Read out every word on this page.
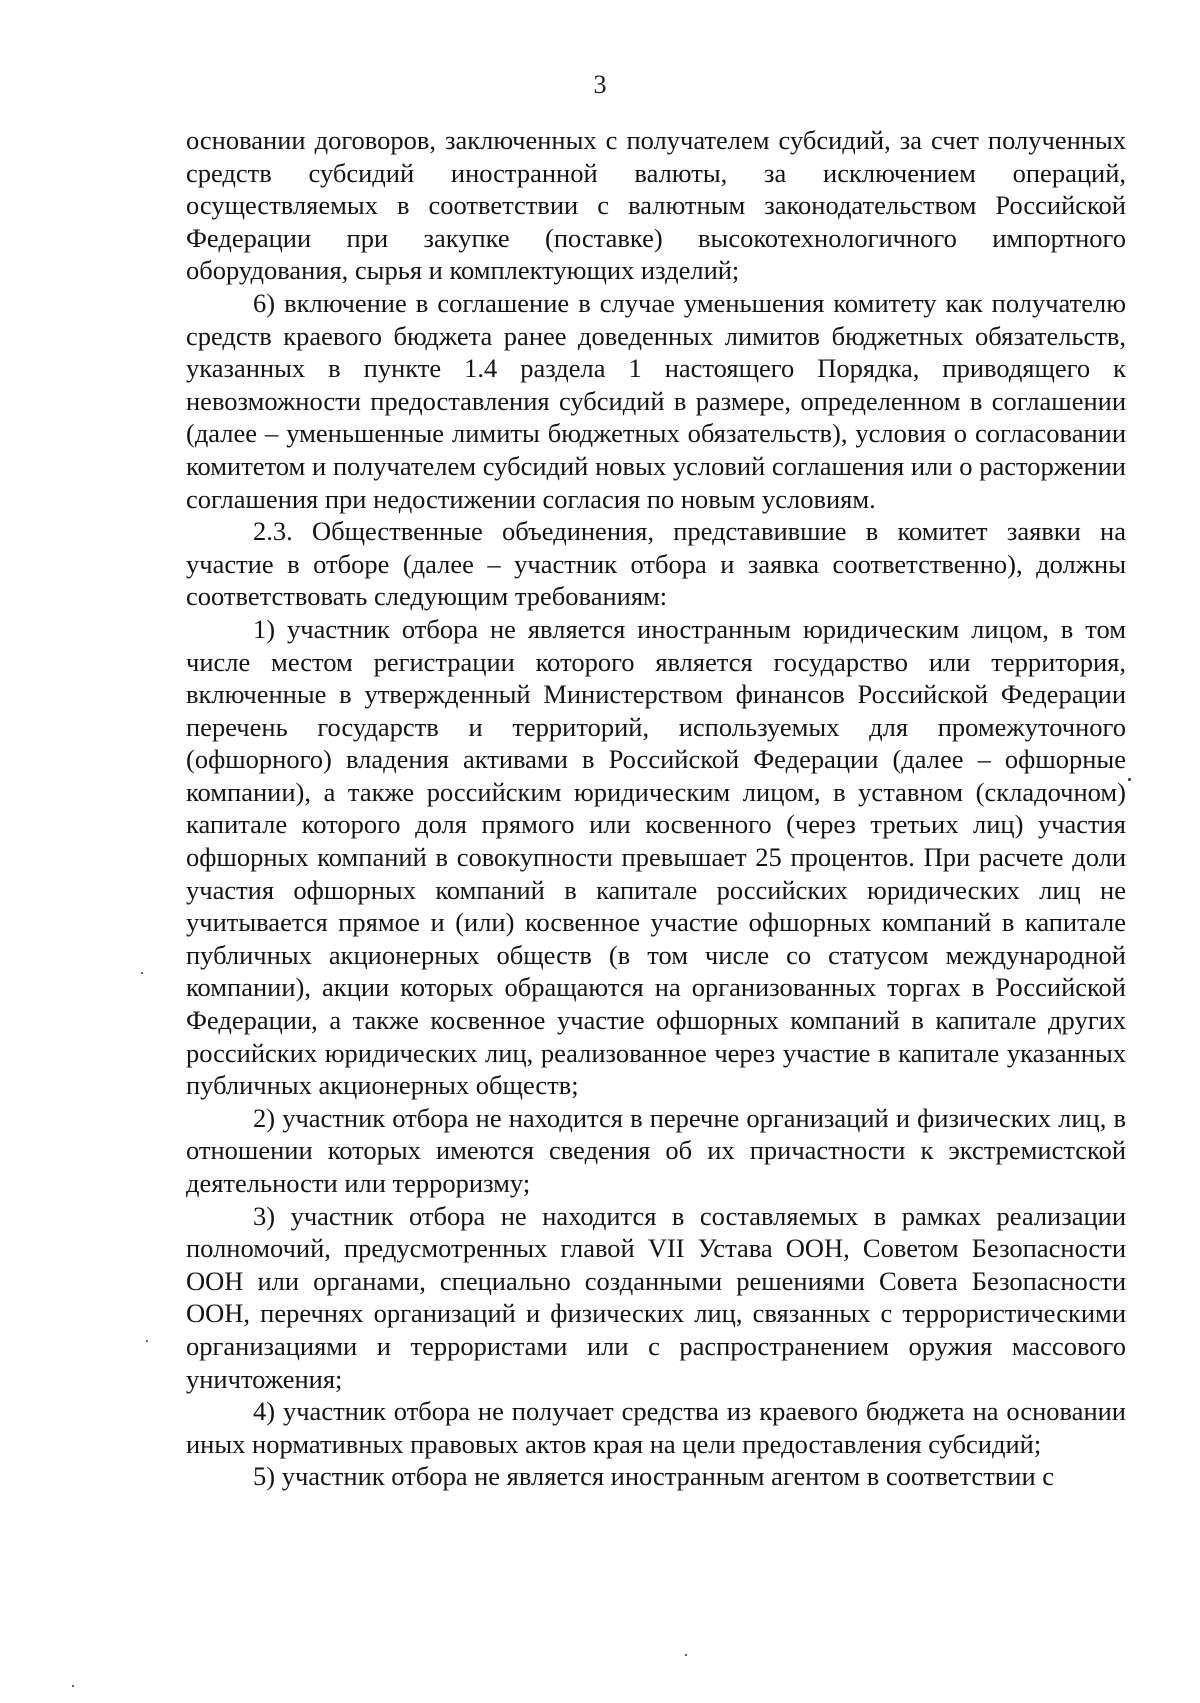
3

основании договоров, заключенных с получателем субсидий, за счет полученных средств субсидий иностранной валюты, за исключением операций, осуществляемых в соответствии с валютным законодательством Российской Федерации при закупке (поставке) высокотехнологичного импортного оборудования, сырья и комплектующих изделий;

6) включение в соглашение в случае уменьшения комитету как получателю средств краевого бюджета ранее доведенных лимитов бюджетных обязательств, указанных в пункте 1.4 раздела 1 настоящего Порядка, приводящего к невозможности предоставления субсидий в размере, определенном в соглашении (далее – уменьшенные лимиты бюджетных обязательств), условия о согласовании комитетом и получателем субсидий новых условий соглашения или о расторжении соглашения при недостижении согласия по новым условиям.

2.3. Общественные объединения, представившие в комитет заявки на участие в отборе (далее – участник отбора и заявка соответственно), должны соответствовать следующим требованиям:

1) участник отбора не является иностранным юридическим лицом, в том числе местом регистрации которого является государство или территория, включенные в утвержденный Министерством финансов Российской Федерации перечень государств и территорий, используемых для промежуточного (офшорного) владения активами в Российской Федерации (далее – офшорные компании), а также российским юридическим лицом, в уставном (складочном) капитале которого доля прямого или косвенного (через третьих лиц) участия офшорных компаний в совокупности превышает 25 процентов. При расчете доли участия офшорных компаний в капитале российских юридических лиц не учитывается прямое и (или) косвенное участие офшорных компаний в капитале публичных акционерных обществ (в том числе со статусом международной компании), акции которых обращаются на организованных торгах в Российской Федерации, а также косвенное участие офшорных компаний в капитале других российских юридических лиц, реализованное через участие в капитале указанных публичных акционерных обществ;

2) участник отбора не находится в перечне организаций и физических лиц, в отношении которых имеются сведения об их причастности к экстремистской деятельности или терроризму;

3) участник отбора не находится в составляемых в рамках реализации полномочий, предусмотренных главой VII Устава ООН, Советом Безопасности ООН или органами, специально созданными решениями Совета Безопасности ООН, перечнях организаций и физических лиц, связанных с террористическими организациями и террористами или с распространением оружия массового уничтожения;

4) участник отбора не получает средства из краевого бюджета на основании иных нормативных правовых актов края на цели предоставления субсидий;

5) участник отбора не является иностранным агентом в соответствии с
